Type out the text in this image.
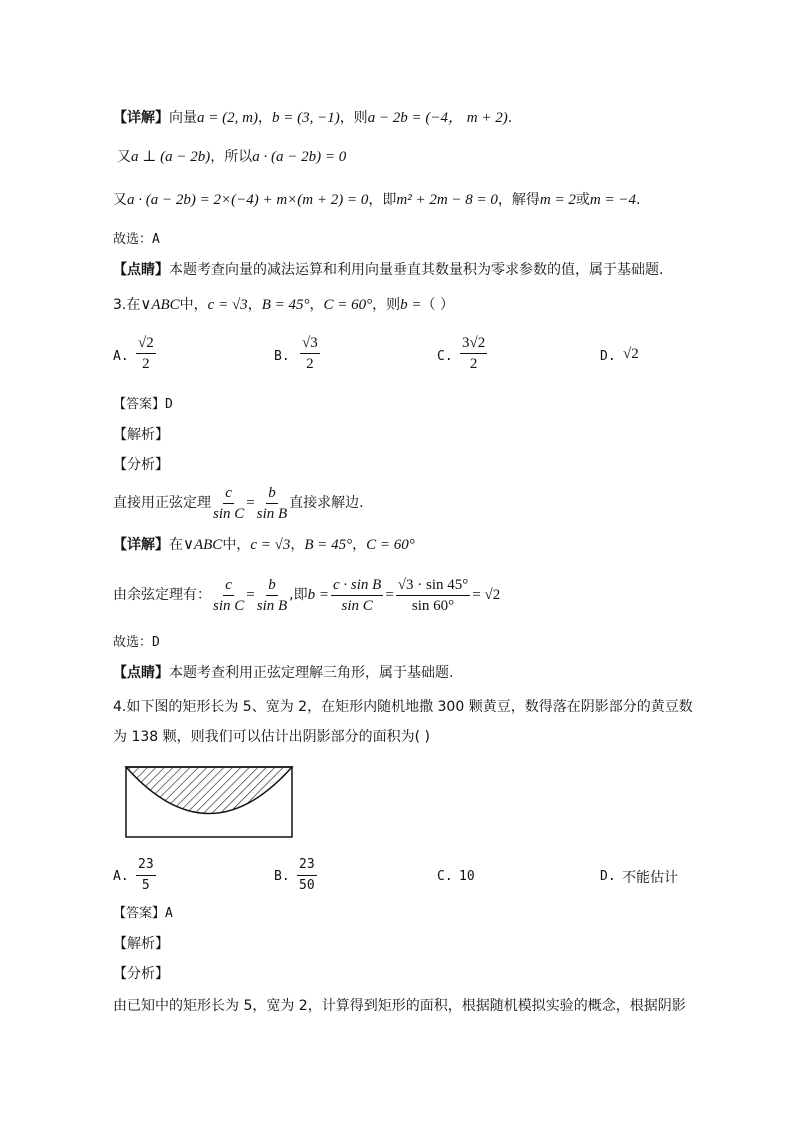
【详解】向量a = (2, m)，b = (3, −1)，则a − 2b = (−4， m + 2).
又a ⊥ (a − 2b)，所以a · (a − 2b) = 0
又a · (a − 2b) = 2×(−4) + m×(m + 2) = 0，即m² + 2m − 8 = 0，解得m = 2或m = −4.
故选：A
【点睛】本题考查向量的减法运算和利用向量垂直其数量积为零求参数的值，属于基础题.
3.在∨ABC中，c = √3，B = 45°，C = 60°，则b =（ ）
A. $\frac{√2}{2}$	B. $\frac{√3}{2}$	C. $\frac{3√2}{2}$	D. √2
【答案】D
【解析】
【分析】
直接用正弦定理 $\frac{c}{\text{sin C}} = \frac{b}{\text{sin B}}$ 直接求解边.
【详解】在∨ABC中，c = √3，B = 45°，C = 60°
由余弦定理有： $\frac{c}{\text{sin C}} = \frac{b}{\text{sin B}}$ ,即 $b = \frac{\text{c · sin B}}{\text{sin C}} = \frac{√3 \cdot \sin 45^\circ}{\sin 60^\circ} = √2$
故选：D
【点睛】本题考查利用正弦定理解三角形，属于基础题.
4.如下图的矩形长为 5、宽为 2，在矩形内随机地撒 300 颗黄豆，数得落在阴影部分的黄豆数
为 138 颗，则我们可以估计出阴影部分的面积为( )
A. $\frac{23}{5}$	B. $\frac{23}{50}$	C. 10	D. 不能估计
【答案】A
【解析】
【分析】
由已知中的矩形长为 5，宽为 2，计算得到矩形的面积，根据随机模拟实验的概念，根据阴影
